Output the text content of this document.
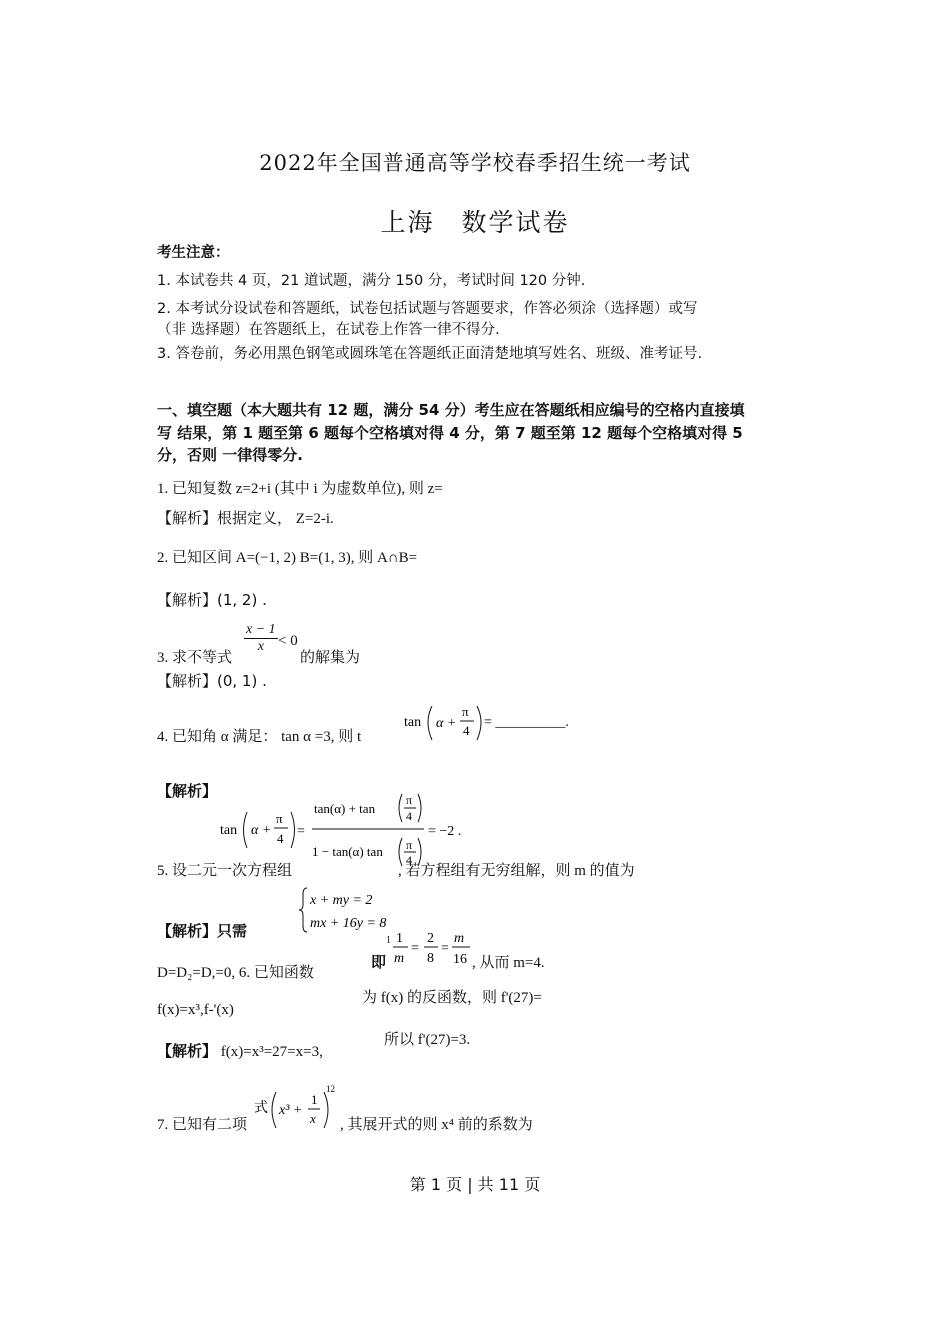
2022年全国普通高等学校春季招生统一考试
上海　数学试卷
考生注意：
1. 本试卷共 4 页，21 道试题，满分 150 分，考试时间 120 分钟.
2. 本考试分设试卷和答题纸，试卷包括试题与答题要求，作答必须涂（选择题）或写
（非 选择题）在答题纸上，在试卷上作答一律不得分.
3. 答卷前，务必用黑色钢笔或圆珠笔在答题纸正面清楚地填写姓名、班级、准考证号.
一、填空题（本大题共有 12 题，满分 54 分）考生应在答题纸相应编号的空格内直接填
写 结果，第 1 题至第 6 题每个空格填对得 4 分，第 7 题至第 12 题每个空格填对得 5
分，否则 一律得零分.
1. 已知复数 z=2+i (其中 i 为虚数单位), 则 z=
【解析】根据定义， Z=2-i.
2. 已知区间 A=(−1, 2) B=(1, 3), 则 A∩B=
【解析】(1, 2) .
3. 求不等式
$\frac{x - 1}{x} < 0$
的解集为
【解析】(0, 1) .
4. 已知角 α 满足： tan α =3, 则 t
tan α +
π
4
= __________.
【解析】
tan α +
π
4 =
tan(α) + tan
π
4
1 − tan(α) tan π
4
= −2 .
5. 设二元一次方程组	, 若方程组有无穷组解，则 m 的值为
x + my = 2
mx + 16y = 8
【解析】只需
1
即
1
m
=
2
8
=
m
16 , 从而 m=4.
D=D₂=D,=0, 6. 已知函数
为 f(x) 的反函数，则 f'(27)=
f(x)=x³,f-'(x)
所以 f'(27)=3.
【解析】 f(x)=x³=27=x=3,
7. 已知有二项
式 x³ +
1
x
12
, 其展开式的则 x⁴ 前的系数为
第 1 页 | 共 11 页
